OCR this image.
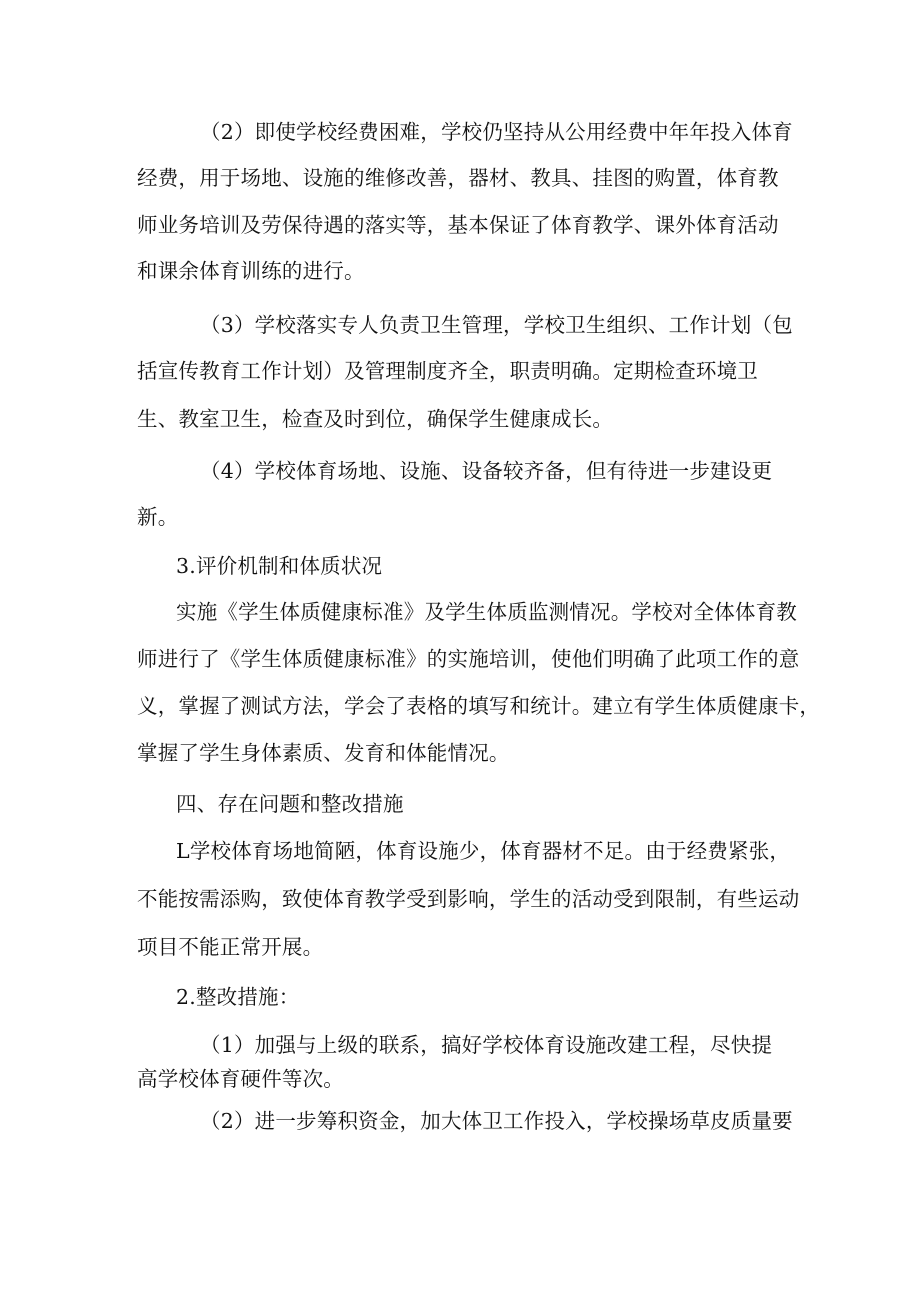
（2）即使学校经费困难，学校仍坚持从公用经费中年年投入体育
经费，用于场地、设施的维修改善，器材、教具、挂图的购置，体育教
师业务培训及劳保待遇的落实等，基本保证了体育教学、课外体育活动
和课余体育训练的进行。
（3）学校落实专人负责卫生管理，学校卫生组织、工作计划（包
括宣传教育工作计划）及管理制度齐全，职责明确。定期检查环境卫
生、教室卫生，检查及时到位，确保学生健康成长。
（4）学校体育场地、设施、设备较齐备，但有待进一步建设更
新。
3.评价机制和体质状况
实施《学生体质健康标准》及学生体质监测情况。学校对全体体育教
师进行了《学生体质健康标准》的实施培训，使他们明确了此项工作的意
义，掌握了测试方法，学会了表格的填写和统计。建立有学生体质健康卡，
掌握了学生身体素质、发育和体能情况。
四、存在问题和整改措施
L学校体育场地简陋，体育设施少，体育器材不足。由于经费紧张，
不能按需添购，致使体育教学受到影响，学生的活动受到限制，有些运动
项目不能正常开展。
2.整改措施：
（1）加强与上级的联系，搞好学校体育设施改建工程，尽快提
高学校体育硬件等次。
（2）进一步筹积资金，加大体卫工作投入，学校操场草皮质量要
